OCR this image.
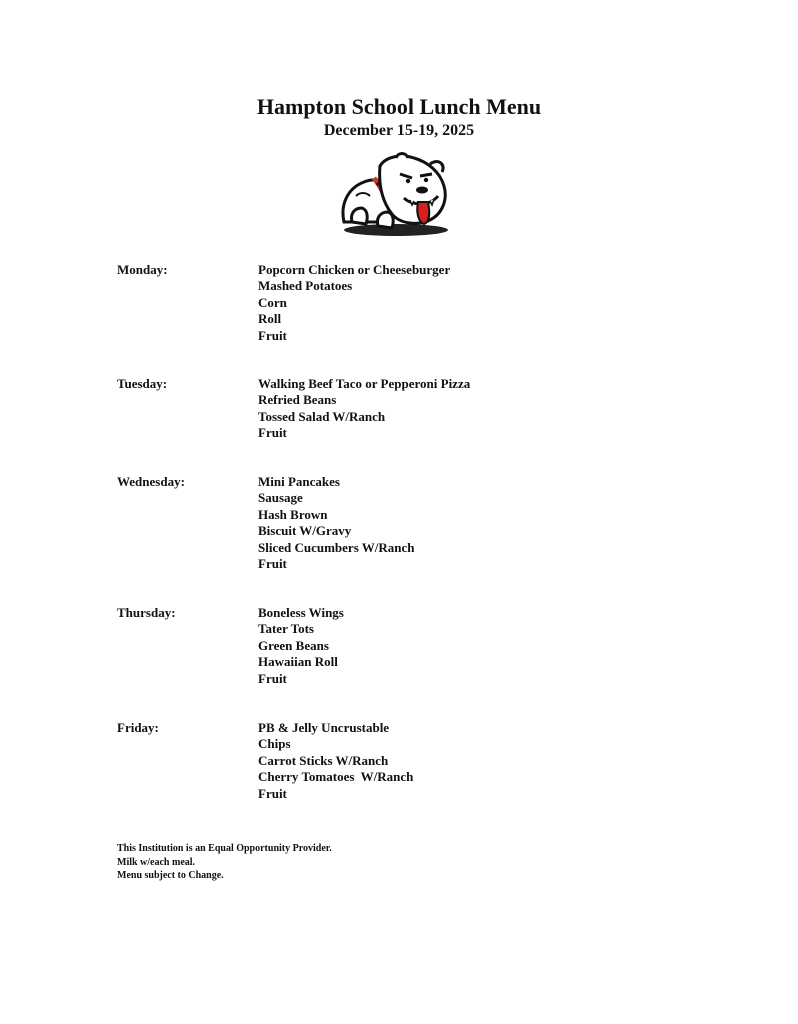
Hampton School Lunch Menu
December 15-19, 2025
Monday:	Popcorn Chicken or Cheeseburger
Mashed Potatoes
Corn
Roll
Fruit
Tuesday:	Walking Beef Taco or Pepperoni Pizza
Refried Beans
Tossed Salad W/Ranch
Fruit
Wednesday:	Mini Pancakes
Sausage
Hash Brown
Biscuit W/Gravy
Sliced Cucumbers W/Ranch
Fruit
Thursday:	Boneless Wings
Tater Tots
Green Beans
Hawaiian Roll
Fruit
Friday:	PB & Jelly Uncrustable
Chips
Carrot Sticks W/Ranch
Cherry Tomatoes  W/Ranch
Fruit
This Institution is an Equal Opportunity Provider.
Milk w/each meal.
Menu subject to Change.
